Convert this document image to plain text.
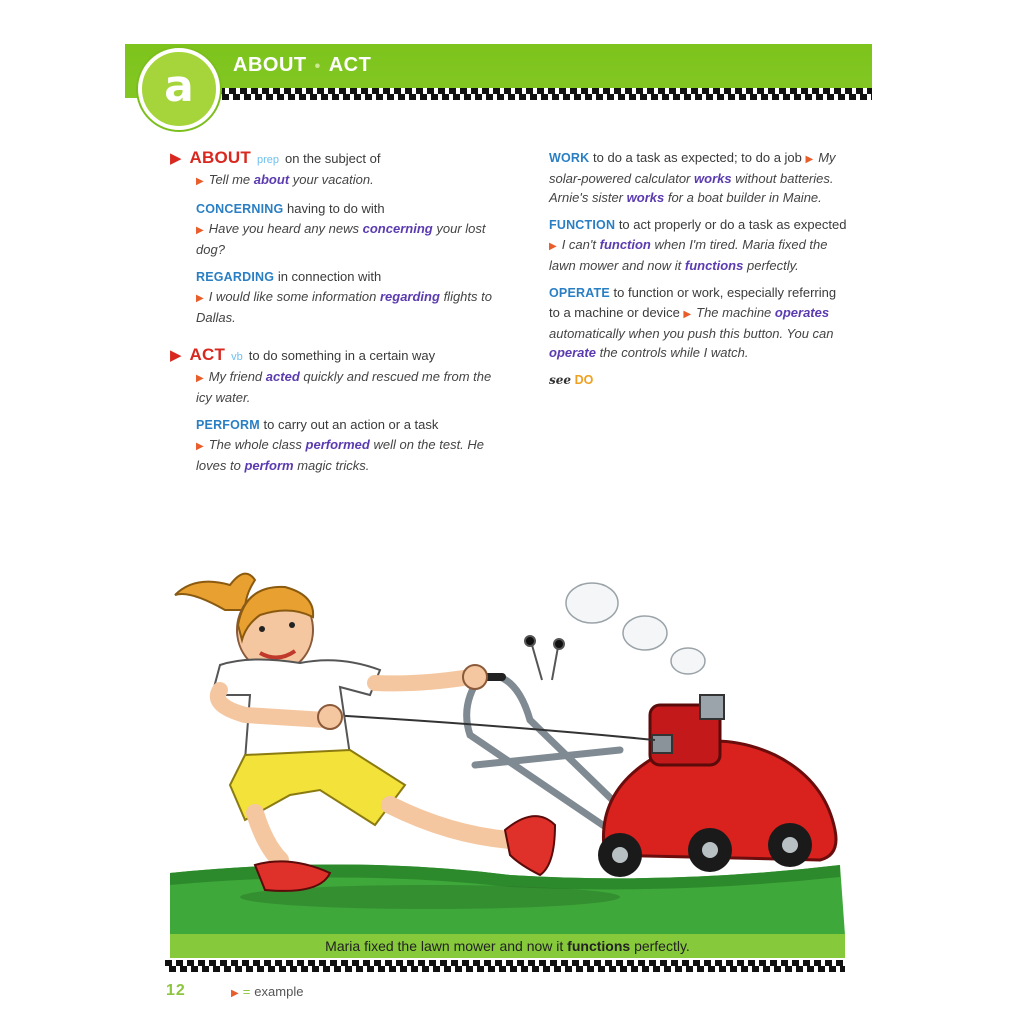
a ABOUT • ACT
▶ ABOUT prep on the subject of
▶ Tell me about your vacation.
CONCERNING having to do with
▶ Have you heard any news concerning your lost dog?
REGARDING in connection with
▶ I would like some information regarding flights to Dallas.
▶ ACT vb to do something in a certain way
▶ My friend acted quickly and rescued me from the icy water.
PERFORM to carry out an action or a task
▶ The whole class performed well on the test. He loves to perform magic tricks.
WORK to do a task as expected; to do a job ▶ My solar-powered calculator works without batteries. Arnie's sister works for a boat builder in Maine.
FUNCTION to act properly or do a task as expected ▶ I can't function when I'm tired. Maria fixed the lawn mower and now it functions perfectly.
OPERATE to function or work, especially referring to a machine or device ▶ The machine operates automatically when you push this button. You can operate the controls while I watch.
see DO
Maria fixed the lawn mower and now it functions perfectly.
12	▶ = example
